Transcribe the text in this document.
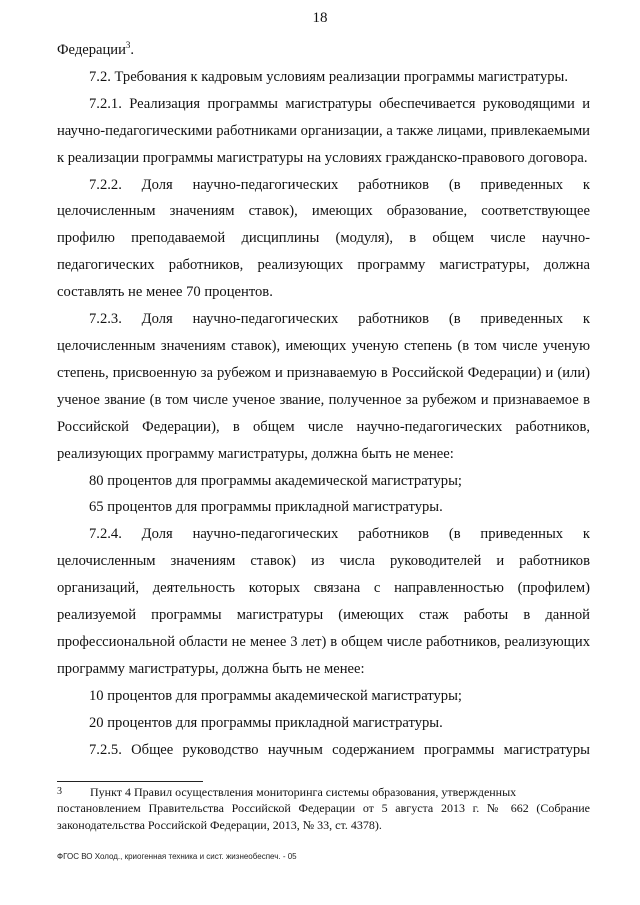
18

Федерации$^3$.

7.2. Требования к кадровым условиям реализации программы магистратуры.

7.2.1. Реализация программы магистратуры обеспечивается руководящими и научно-педагогическими работниками организации, а также лицами, привлекаемыми к реализации программы магистратуры на условиях гражданско-правового договора.

7.2.2. Доля научно-педагогических работников (в приведенных к целочисленным значениям ставок), имеющих образование, соответствующее профилю преподаваемой дисциплины (модуля), в общем числе научно-педагогических работников, реализующих программу магистратуры, должна составлять не менее 70 процентов.

7.2.3. Доля научно-педагогических работников (в приведенных к целочисленным значениям ставок), имеющих ученую степень (в том числе ученую степень, присвоенную за рубежом и признаваемую в Российской Федерации) и (или) ученое звание (в том числе ученое звание, полученное за рубежом и признаваемое в Российской Федерации), в общем числе научно-педагогических работников, реализующих программу магистратуры, должна быть не менее:

80 процентов для программы академической магистратуры;

65 процентов для программы прикладной магистратуры.

7.2.4. Доля научно-педагогических работников (в приведенных к целочисленным значениям ставок) из числа руководителей и работников организаций, деятельность которых связана с направленностью (профилем) реализуемой программы магистратуры (имеющих стаж работы в данной профессиональной области не менее 3 лет) в общем числе работников, реализующих программу магистратуры, должна быть не менее:

10 процентов для программы академической магистратуры;

20 процентов для программы прикладной магистратуры.

7.2.5. Общее руководство научным содержанием программы магистратуры

3	Пункт 4 Правил осуществления мониторинга системы образования, утвержденных
постановлением Правительства Российской Федерации от 5 августа 2013 г. № 662 (Собрание законодательства Российской Федерации, 2013, № 33, ст. 4378).
ФГОС ВО Холод., криогенная техника и сист. жизнеобеспеч. - 05
